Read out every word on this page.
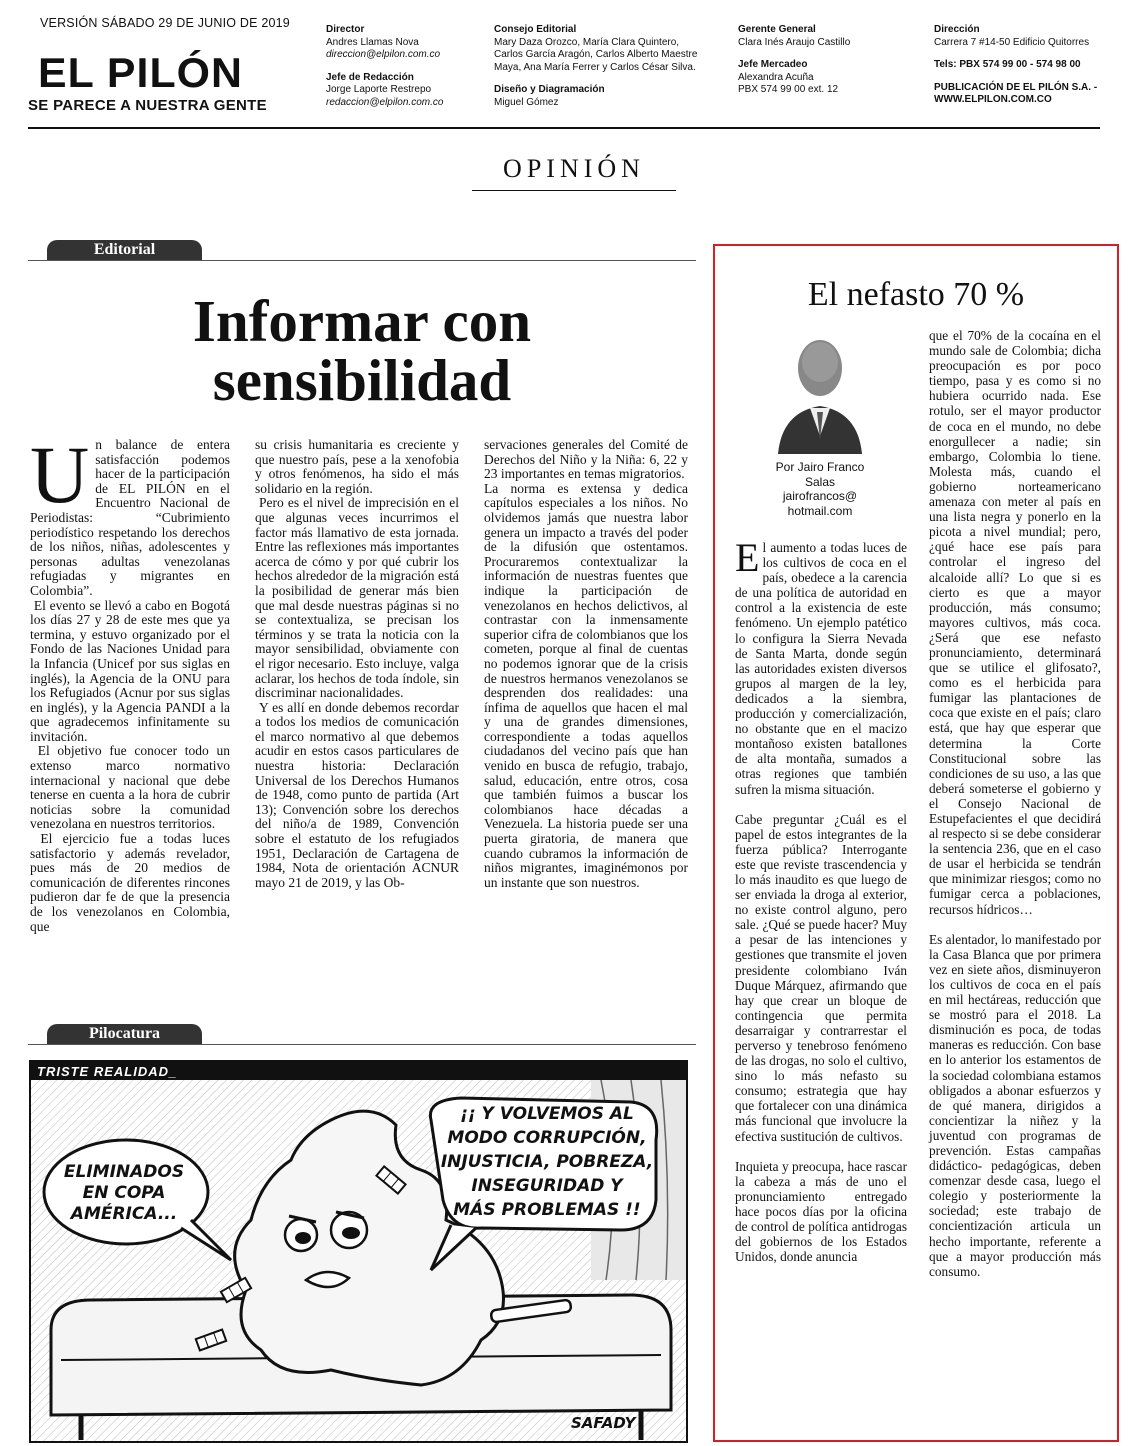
VERSIÓN SÁBADO 29 DE JUNIO DE 2019
EL PILÓN
SE PARECE A NUESTRA GENTE
Director
Andres Llamas Nova
direccion@elpilon.com.co
Jefe de Redacción
Jorge Laporte Restrepo
redaccion@elpilon.com.co
Consejo Editorial
Mary Daza Orozco, María Clara Quintero,
Carlos García Aragón, Carlos Alberto Maestre
Maya, Ana María Ferrer y Carlos César Silva.
Diseño y Diagramación
Miguel Gómez
Gerente General
Clara Inés Araujo Castillo
Jefe Mercadeo
Alexandra Acuña
PBX 574 99 00 ext. 12
Dirección
Carrera 7 #14-50 Edificio Quitorres
Tels: PBX 574 99 00 - 574 98 00
PUBLICACIÓN DE EL PILÓN S.A. -
WWW.ELPILON.COM.CO
OPINIÓN
Editorial
Informar con
sensibilidad

Un balance de entera satisfacción podemos hacer de la participación de EL PILÓN en el Encuentro Nacional de Periodistas: “Cubrimiento periodístico respetando los derechos de los niños, niñas, adolescentes y personas adultas venezolanas refugiadas y migrantes en Colombia”.

El evento se llevó a cabo en Bogotá los días 27 y 28 de este mes que ya termina, y estuvo organizado por el Fondo de las Naciones Unidad para la Infancia (Unicef por sus siglas en inglés), la Agencia de la ONU para los Refugiados (Acnur por sus siglas en inglés), y la Agencia PANDI a la que agradecemos infinitamente su invitación.

El objetivo fue conocer todo un extenso marco normativo internacional y nacional que debe tenerse en cuenta a la hora de cubrir noticias sobre la comunidad venezolana en nuestros territorios.

El ejercicio fue a todas luces satisfactorio y además revelador, pues más de 20 medios de comunicación de diferentes rincones pudieron dar fe de que la presencia de los venezolanos en Colombia, que

su crisis humanitaria es creciente y que nuestro país, pese a la xenofobia y otros fenómenos, ha sido el más solidario en la región.

Pero es el nivel de imprecisión en el que algunas veces incurrimos el factor más llamativo de esta jornada. Entre las reflexiones más importantes acerca de cómo y por qué cubrir los hechos alrededor de la migración está la posibilidad de generar más bien que mal desde nuestras páginas si no se contextualiza, se precisan los términos y se trata la noticia con la mayor sensibilidad, obviamente con el rigor necesario. Esto incluye, valga aclarar, los hechos de toda índole, sin discriminar nacionalidades.

Y es allí en donde debemos recordar a todos los medios de comunicación el marco normativo al que debemos acudir en estos casos particulares de nuestra historia: Declaración Universal de los Derechos Humanos de 1948, como punto de partida (Art 13); Convención sobre los derechos del niño/a de 1989, Convención sobre el estatuto de los refugiados 1951, Declaración de Cartagena de 1984, Nota de orientación ACNUR mayo 21 de 2019, y las Ob-

servaciones generales del Comité de Derechos del Niño y la Niña: 6, 22 y 23 importantes en temas migratorios.

La norma es extensa y dedica capítulos especiales a los niños. No olvidemos jamás que nuestra labor genera un impacto a través del poder de la difusión que ostentamos. Procuraremos contextualizar la información de nuestras fuentes que indique la participación de venezolanos en hechos delictivos, al contrastar con la inmensamente superior cifra de colombianos que los cometen, porque al final de cuentas no podemos ignorar que de la crisis de nuestros hermanos venezolanos se desprenden dos realidades: una ínfima de aquellos que hacen el mal y una de grandes dimensiones, correspondiente a todas aquellos ciudadanos del vecino país que han venido en busca de refugio, trabajo, salud, educación, entre otros, cosa que también fuimos a buscar los colombianos hace décadas a Venezuela. La historia puede ser una puerta giratoria, de manera que cuando cubramos la información de niños migrantes, imaginémonos por un instante que son nuestros.

Pilocatura
TRISTE REALIDAD_
ELIMINADOS
EN COPA
AMÉRICA...
¡¡ Y VOLVEMOS AL
MODO CORRUPCIÓN,
INJUSTICIA, POBREZA,
INSEGURIDAD Y
MÁS PROBLEMAS !!
SAFADY
El nefasto 70 %
Por Jairo Franco
Salas
jairofrancos@
hotmail.com

El aumento a todas luces de los cultivos de coca en el país, obedece a la carencia de una política de autoridad en control a la existencia de este fenómeno. Un ejemplo patético lo configura la Sierra Nevada de Santa Marta, donde según las autoridades existen diversos grupos al margen de la ley, dedicados a la siembra, producción y comercialización, no obstante que en el macizo montañoso existen batallones de alta montaña, sumados a otras regiones que también sufren la misma situación.

Cabe preguntar ¿Cuál es el papel de estos integrantes de la fuerza pública? Interrogante este que reviste trascendencia y lo más inaudito es que luego de ser enviada la droga al exterior, no existe control alguno, pero sale. ¿Qué se puede hacer? Muy a pesar de las intenciones y gestiones que transmite el joven presidente colombiano Iván Duque Márquez, afirmando que hay que crear un bloque de contingencia que permita desarraigar y contrarrestar el perverso y tenebroso fenómeno de las drogas, no solo el cultivo, sino lo más nefasto su consumo; estrategia que hay que fortalecer con una dinámica más funcional que involucre la efectiva sustitución de cultivos.

Inquieta y preocupa, hace rascar la cabeza a más de uno el pronunciamiento entregado hace pocos días por la oficina de control de política antidrogas del gobiernos de los Estados Unidos, donde anuncia

que el 70% de la cocaína en el mundo sale de Colombia; dicha preocupación es por poco tiempo, pasa y es como si no hubiera ocurrido nada. Ese rotulo, ser el mayor productor de coca en el mundo, no debe enorgullecer a nadie; sin embargo, Colombia lo tiene. Molesta más, cuando el gobierno norteamericano amenaza con meter al país en una lista negra y ponerlo en la picota a nivel mundial; pero, ¿qué hace ese país para controlar el ingreso del alcaloide allí? Lo que si es cierto es que a mayor producción, más consumo; mayores cultivos, más coca. ¿Será que ese nefasto pronunciamiento, determinará que se utilice el glifosato?, como es el herbicida para fumigar las plantaciones de coca que existe en el país; claro está, que hay que esperar que determina la Corte Constitucional sobre las condiciones de su uso, a las que deberá someterse el gobierno y el Consejo Nacional de Estupefacientes el que decidirá al respecto si se debe considerar la sentencia 236, que en el caso de usar el herbicida se tendrán que minimizar riesgos; como no fumigar cerca a poblaciones, recursos hídricos…

Es alentador, lo manifestado por la Casa Blanca que por primera vez en siete años, disminuyeron los cultivos de coca en el país en mil hectáreas, reducción que se mostró para el 2018. La disminución es poca, de todas maneras es reducción. Con base en lo anterior los estamentos de la sociedad colombiana estamos obligados a abonar esfuerzos y de qué manera, dirigidos a concientizar la niñez y la juventud con programas de prevención. Estas campañas didáctico- pedagógicas, deben comenzar desde casa, luego el colegio y posteriormente la sociedad; este trabajo de concientización articula un hecho importante, referente a que a mayor producción más consumo.
